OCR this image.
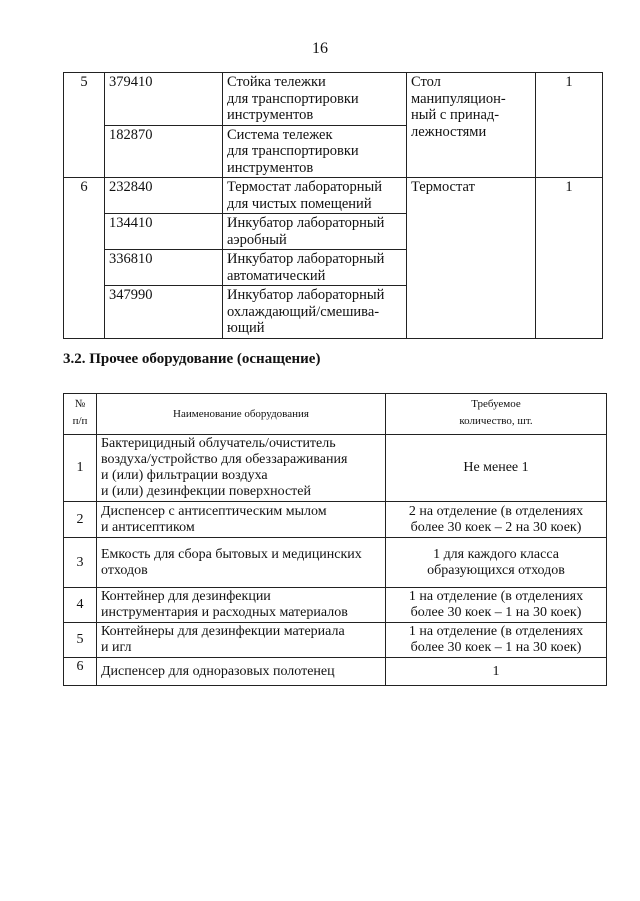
16
5	379410	Стойка тележки
для транспортировки
инструментов	Стол
манипуляцион-
ный с принад-
лежностями	1
	182870	Система тележек
для транспортировки
инструментов		
6	232840	Термостат лабораторный
для чистых помещений	Термостат	1
	134410	Инкубатор лабораторный
аэробный		
	336810	Инкубатор лабораторный
автоматический		
	347990	Инкубатор лабораторный
охлаждающий/смешива-
ющий		
3.2. Прочее оборудование (оснащение)
№
п/п	Наименование оборудования	Требуемое
количество, шт.
1	Бактерицидный облучатель/очиститель
воздуха/устройство для обеззараживания
и (или) фильтрации воздуха
и (или) дезинфекции поверхностей	Не менее 1
2	Диспенсер с антисептическим мылом
и антисептиком	2 на отделение (в отделениях
более 30 коек – 2 на 30 коек)
3	Емкость для сбора бытовых и медицинских
отходов	1 для каждого класса
образующихся отходов
4	Контейнер для дезинфекции
инструментария и расходных материалов	1 на отделение (в отделениях
более 30 коек – 1 на 30 коек)
5	Контейнеры для дезинфекции материала
и игл	1 на отделение (в отделениях
более 30 коек – 1 на 30 коек)
6	Диспенсер для одноразовых полотенец	1
